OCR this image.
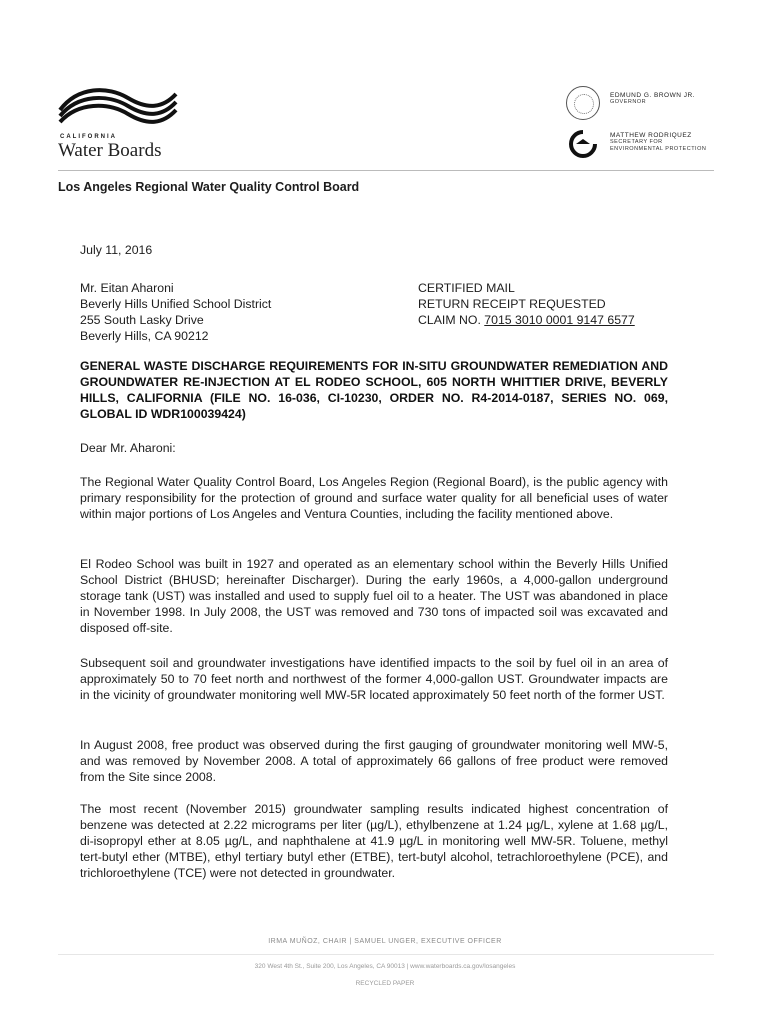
CALIFORNIA
Water Boards
EDMUND G. BROWN JR.
GOVERNOR
MATTHEW RODRIQUEZ
SECRETARY FOR ENVIRONMENTAL PROTECTION
Los Angeles Regional Water Quality Control Board
July 11, 2016
Mr. Eitan Aharoni
Beverly Hills Unified School District
255 South Lasky Drive
Beverly Hills, CA 90212
CERTIFIED MAIL
RETURN RECEIPT REQUESTED
CLAIM NO. 7015 3010 0001 9147 6577
GENERAL WASTE DISCHARGE REQUIREMENTS FOR IN-SITU GROUNDWATER REMEDIATION AND GROUNDWATER RE-INJECTION AT EL RODEO SCHOOL, 605 NORTH WHITTIER DRIVE, BEVERLY HILLS, CALIFORNIA (FILE NO. 16-036, CI-10230, ORDER NO. R4-2014-0187, SERIES NO. 069, GLOBAL ID WDR100039424)
Dear Mr. Aharoni:

The Regional Water Quality Control Board, Los Angeles Region (Regional Board), is the public agency with primary responsibility for the protection of ground and surface water quality for all beneficial uses of water within major portions of Los Angeles and Ventura Counties, including the facility mentioned above.

El Rodeo School was built in 1927 and operated as an elementary school within the Beverly Hills Unified School District (BHUSD; hereinafter Discharger). During the early 1960s, a 4,000-gallon underground storage tank (UST) was installed and used to supply fuel oil to a heater. The UST was abandoned in place in November 1998. In July 2008, the UST was removed and 730 tons of impacted soil was excavated and disposed off-site.

Subsequent soil and groundwater investigations have identified impacts to the soil by fuel oil in an area of approximately 50 to 70 feet north and northwest of the former 4,000-gallon UST. Groundwater impacts are in the vicinity of groundwater monitoring well MW-5R located approximately 50 feet north of the former UST.

In August 2008, free product was observed during the first gauging of groundwater monitoring well MW-5, and was removed by November 2008. A total of approximately 66 gallons of free product were removed from the Site since 2008.

The most recent (November 2015) groundwater sampling results indicated highest concentration of benzene was detected at 2.22 micrograms per liter (µg/L), ethylbenzene at 1.24 µg/L, xylene at 1.68 µg/L, di-isopropyl ether at 8.05 µg/L, and naphthalene at 41.9 µg/L in monitoring well MW-5R. Toluene, methyl tert-butyl ether (MTBE), ethyl tertiary butyl ether (ETBE), tert-butyl alcohol, tetrachloroethylene (PCE), and trichloroethylene (TCE) were not detected in groundwater.

IRMA MUÑOZ, CHAIR | SAMUEL UNGER, EXECUTIVE OFFICER
320 West 4th St., Suite 200, Los Angeles, CA 90013 | www.waterboards.ca.gov/losangeles
RECYCLED PAPER
